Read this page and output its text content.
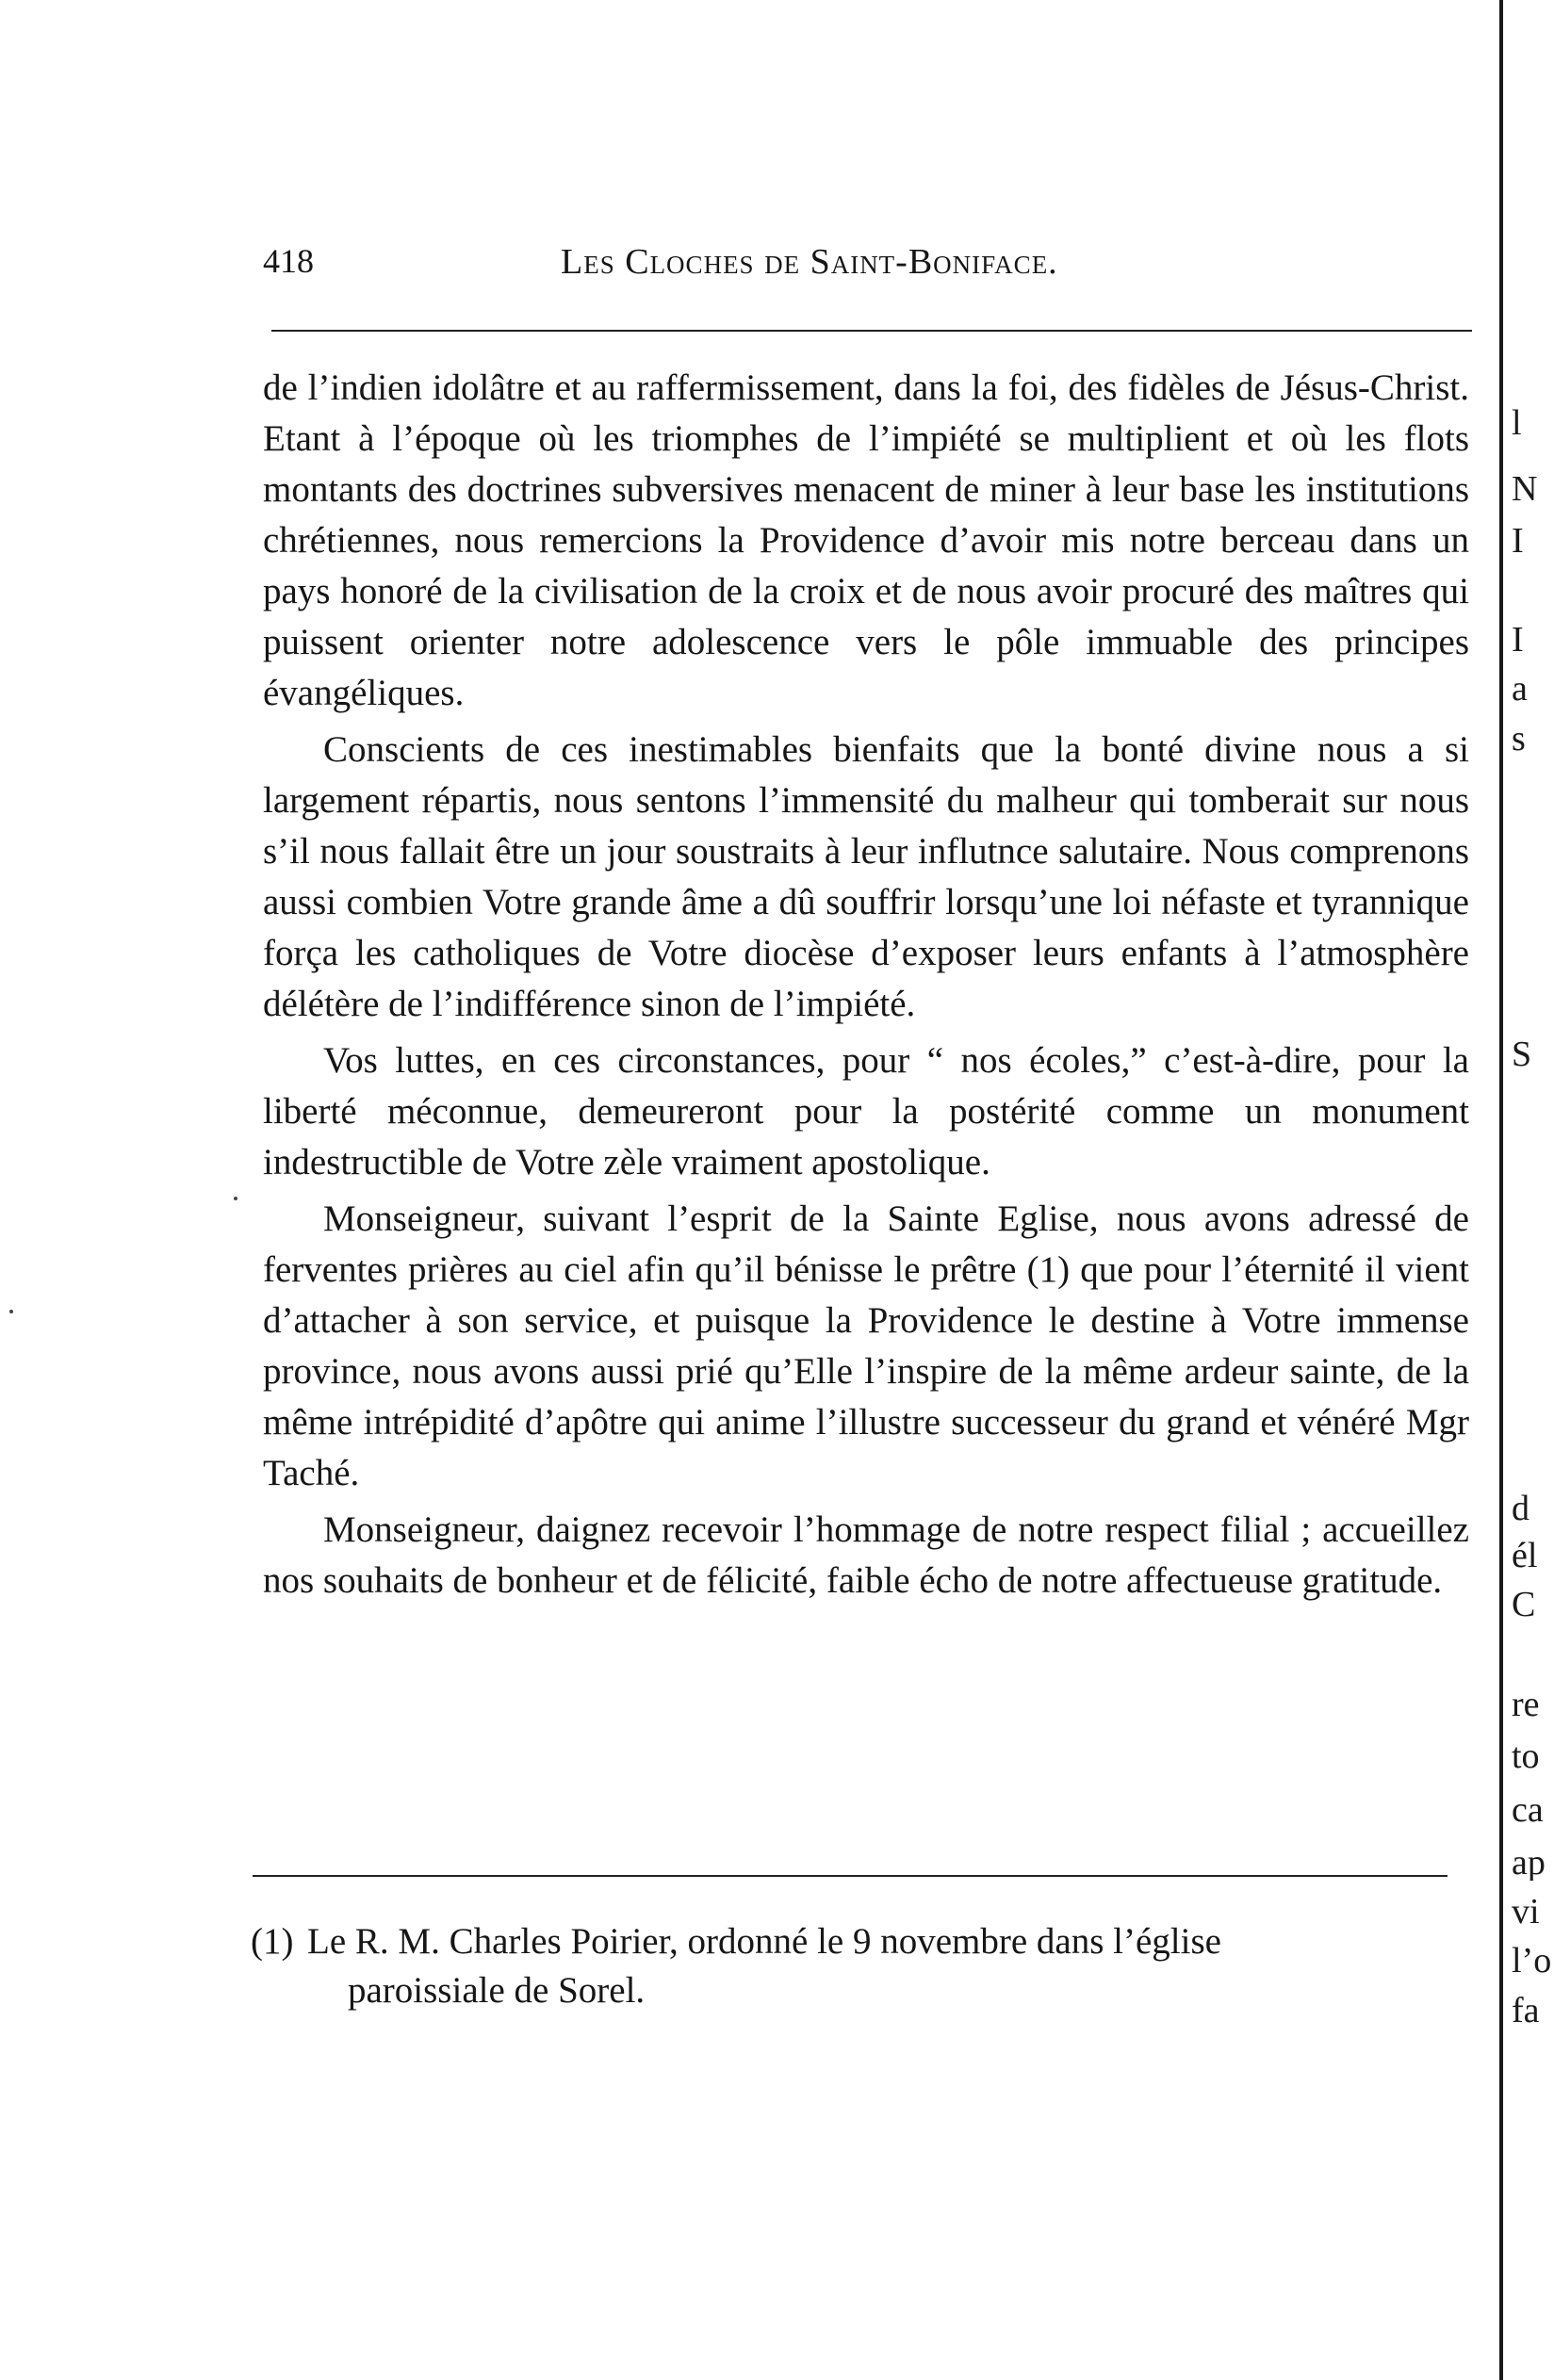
418	Les Cloches de Saint-Boniface.

de l’indien idolâtre et au raffermissement, dans la foi, des fidèles de Jésus-Christ. Etant à l’époque où les triomphes de l’impiété se multiplient et où les flots montants des doctrines subversives menacent de miner à leur base les institutions chrétiennes, nous remercions la Providence d’avoir mis notre berceau dans un pays honoré de la civilisation de la croix et de nous avoir procuré des maîtres qui puissent orienter notre adolescence vers le pôle immuable des principes évangéliques.

Conscients de ces inestimables bienfaits que la bonté divine nous a si largement répartis, nous sentons l’immensité du malheur qui tomberait sur nous s’il nous fallait être un jour soustraits à leur influtnce salutaire. Nous comprenons aussi combien Votre grande âme a dû souffrir lorsqu’une loi néfaste et tyrannique força les catholiques de Votre diocèse d’exposer leurs enfants à l’atmosphère délétère de l’indifférence sinon de l’impiété.

Vos luttes, en ces circonstances, pour “ nos écoles,” c’est-à-dire, pour la liberté méconnue, demeureront pour la postérité comme un monument indestructible de Votre zèle vraiment apostolique.

Monseigneur, suivant l’esprit de la Sainte Eglise, nous avons adressé de ferventes prières au ciel afin qu’il bénisse le prêtre (1) que pour l’éternité il vient d’attacher à son service, et puisque la Providence le destine à Votre immense province, nous avons aussi prié qu’Elle l’inspire de la même ardeur sainte, de la même intrépidité d’apôtre qui anime l’illustre successeur du grand et vénéré Mgr Taché.

Monseigneur, daignez recevoir l’hommage de notre respect filial ; accueillez nos souhaits de bonheur et de félicité, faible écho de notre affectueuse gratitude.

(1) Le R. M. Charles Poirier, ordonné le 9 novembre dans l’église
paroissiale de Sorel.
l
N
I
I
a
s
S
d
él
C
re
to
ca
ap
vi
l’o
fa
